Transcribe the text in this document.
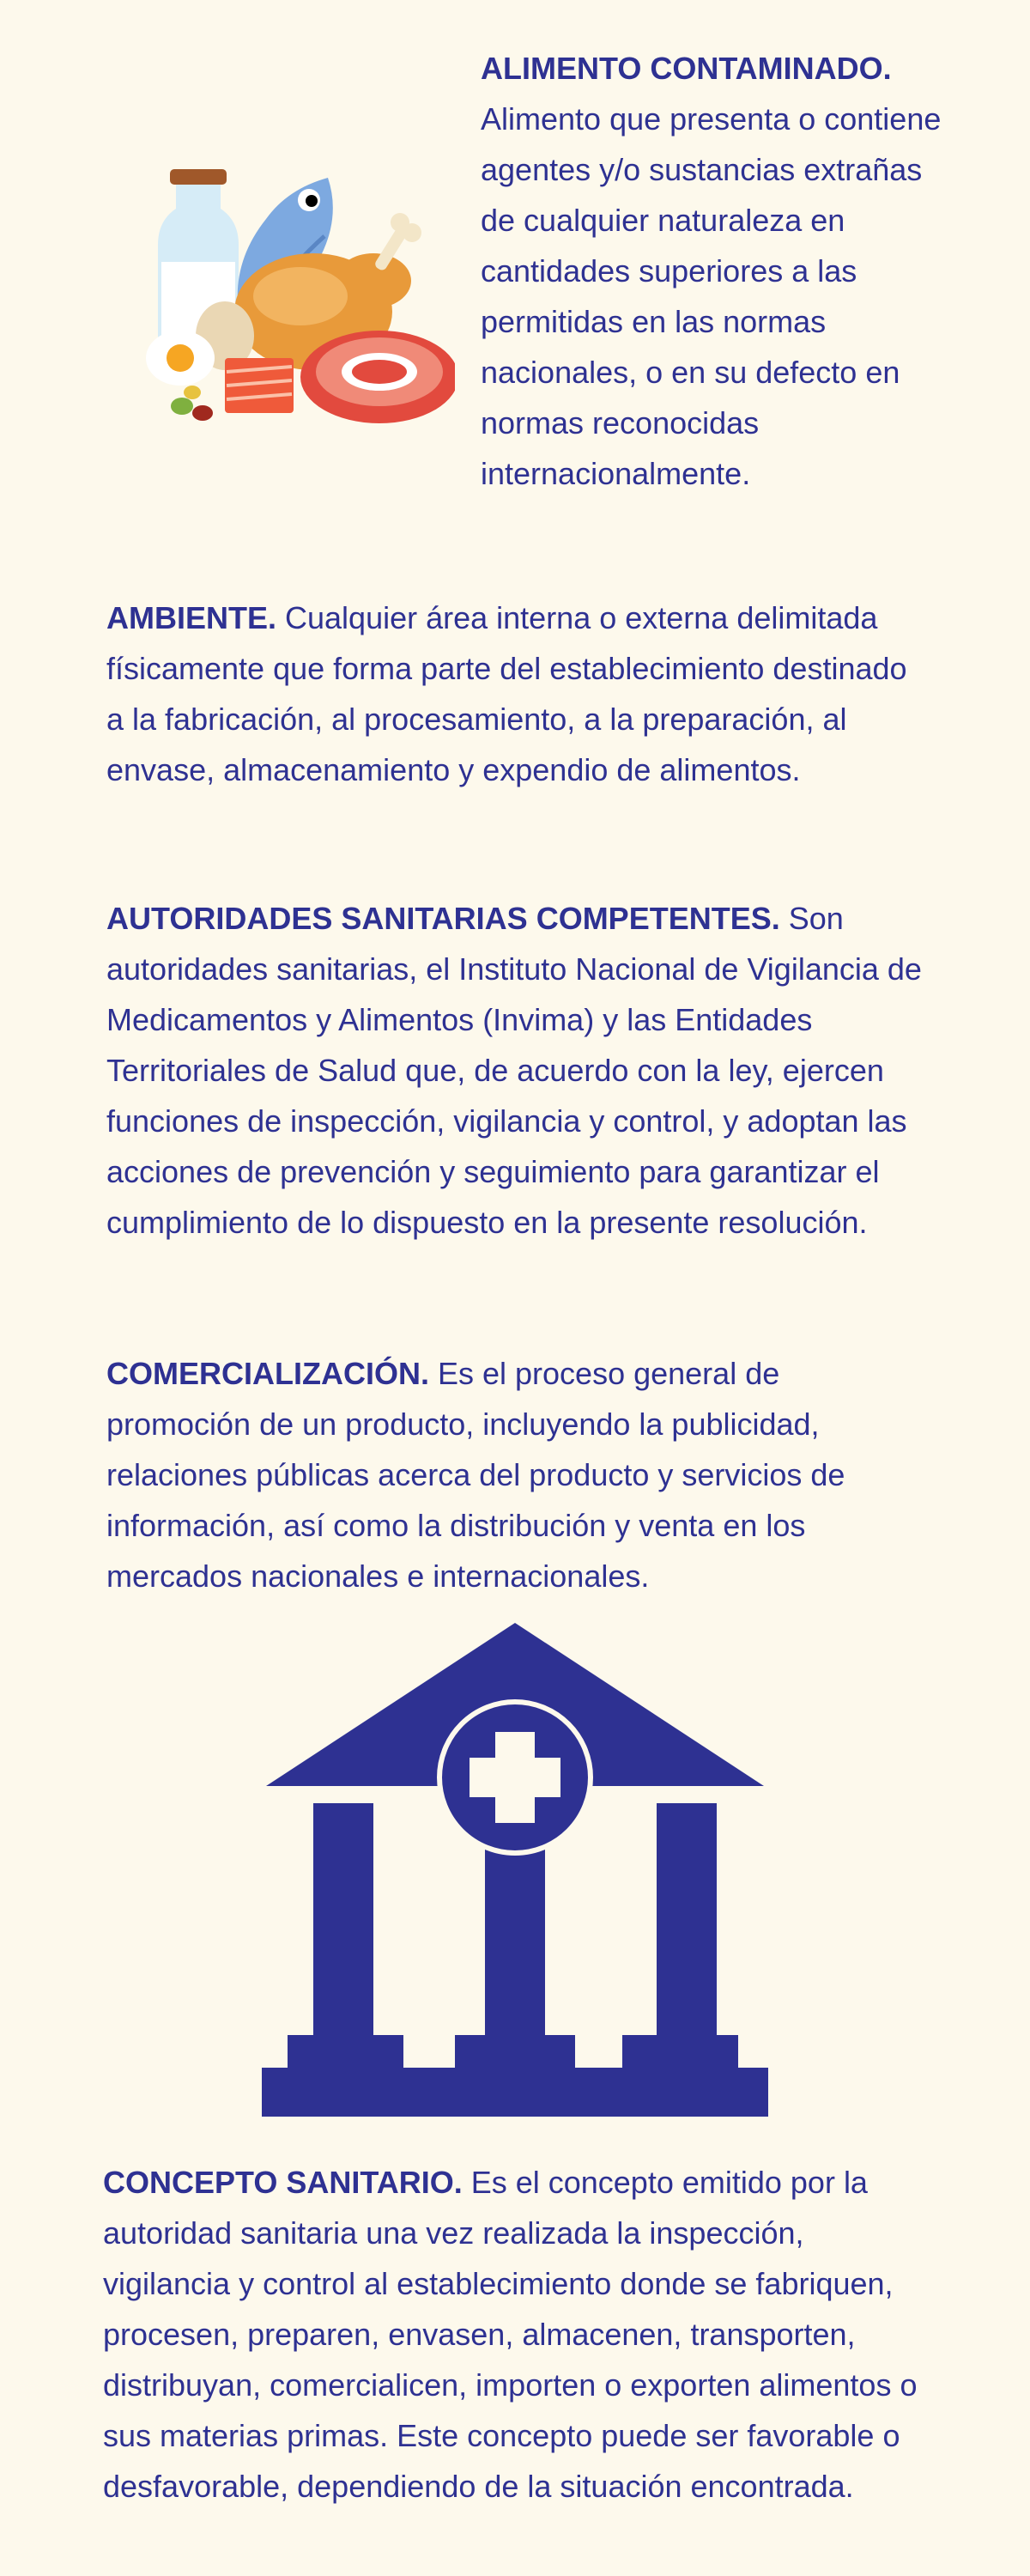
ALIMENTO CONTAMINADO.
Alimento que presenta o contiene agentes y/o sustancias extrañas de cualquier naturaleza en cantidades superiores a las permitidas en las normas nacionales, o en su defecto en normas reconocidas internacionalmente.
AMBIENTE. Cualquier área interna o externa delimitada físicamente que forma parte del establecimiento destinado a la fabricación, al procesamiento, a la preparación, al envase, almacenamiento y expendio de alimentos.
AUTORIDADES SANITARIAS COMPETENTES. Son autoridades sanitarias, el Instituto Nacional de Vigilancia de Medicamentos y Alimentos (Invima) y las Entidades Territoriales de Salud que, de acuerdo con la ley, ejercen funciones de inspección, vigilancia y control, y adoptan las acciones de prevención y seguimiento para garantizar el cumplimiento de lo dispuesto en la presente resolución.
COMERCIALIZACIÓN. Es el proceso general de promoción de un producto, incluyendo la publicidad, relaciones públicas acerca del producto y servicios de información, así como la distribución y venta en los mercados nacionales e internacionales.
CONCEPTO SANITARIO. Es el concepto emitido por la autoridad sanitaria una vez realizada la inspección, vigilancia y control al establecimiento donde se fabriquen, procesen, preparen, envasen, almacenen, transporten, distribuyan, comercialicen, importen o exporten alimentos o sus materias primas. Este concepto puede ser favorable o desfavorable, dependiendo de la situación encontrada.
